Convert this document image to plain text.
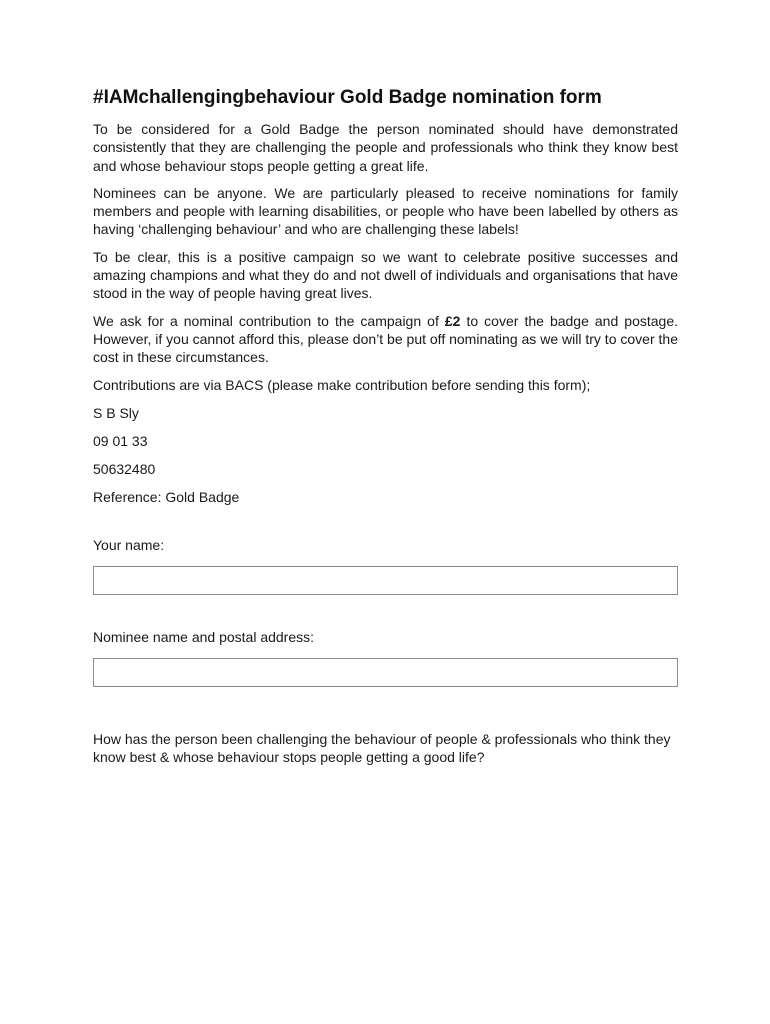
#IAMchallengingbehaviour Gold Badge nomination form

To be considered for a Gold Badge the person nominated should have demonstrated consistently that they are challenging the people and professionals who think they know best and whose behaviour stops people getting a great life.

Nominees can be anyone. We are particularly pleased to receive nominations for family members and people with learning disabilities, or people who have been labelled by others as having ‘challenging behaviour’ and who are challenging these labels!

To be clear, this is a positive campaign so we want to celebrate positive successes and amazing champions and what they do and not dwell of individuals and organisations that have stood in the way of people having great lives.

We ask for a nominal contribution to the campaign of £2 to cover the badge and postage. However, if you cannot afford this, please don’t be put off nominating as we will try to cover the cost in these circumstances.

Contributions are via BACS (please make contribution before sending this form);

S B Sly
09 01 33
50632480
Reference: Gold Badge
Your name:
Nominee name and postal address:

How has the person been challenging the behaviour of people & professionals who think they know best & whose behaviour stops people getting a good life?
